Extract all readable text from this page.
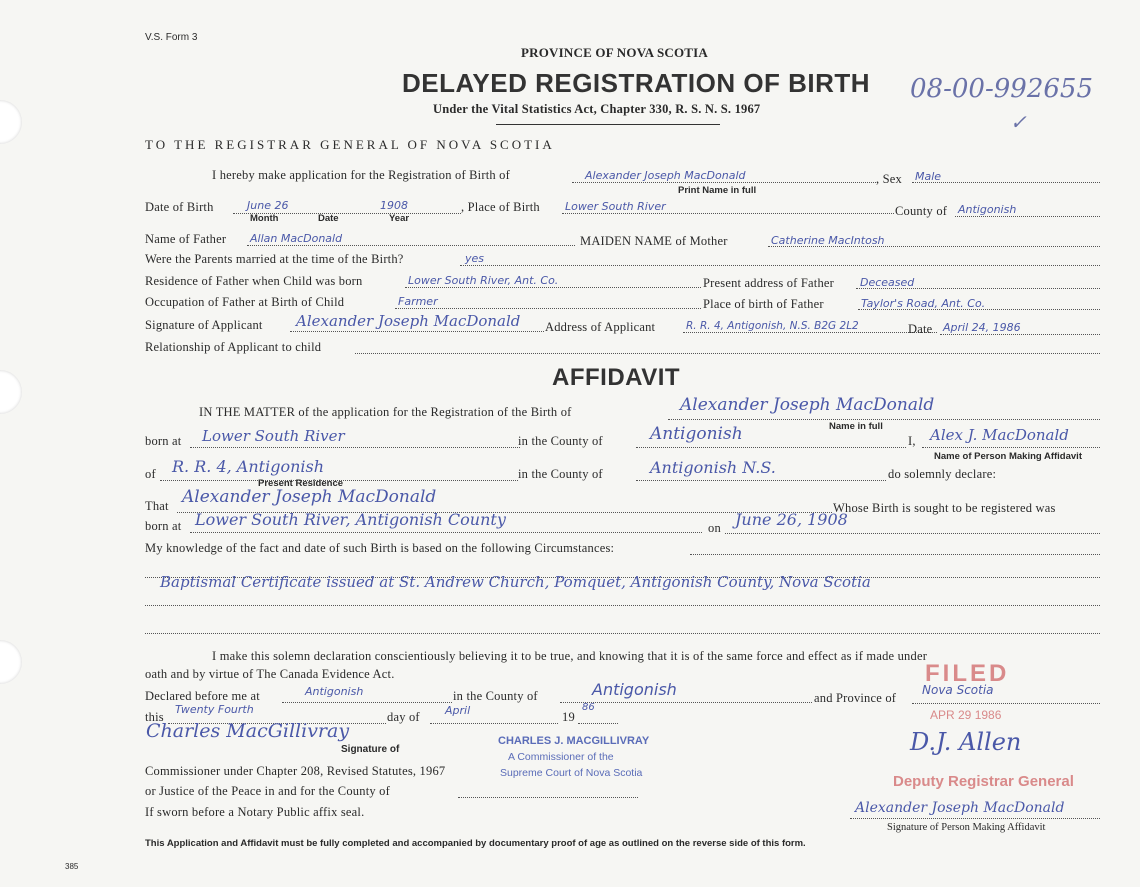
V.S. Form 3
PROVINCE OF NOVA SCOTIA
DELAYED REGISTRATION OF BIRTH 08-00-992655
✓
Under the Vital Statistics Act, Chapter 330, R. S. N. S. 1967
TO THE REGISTRAR GENERAL OF NOVA SCOTIA
I hereby make application for the Registration of Birth of	Alexander Joseph MacDonald
Print Name in full
, Sex Male
Date of Birth	June 26	1908
Month	Date	Year
, Place of Birth Lower South River	County of Antigonish
Name of Father Allan MacDonald	MAIDEN NAME of Mother	Catherine MacIntosh
Were the Parents married at the time of the Birth?	yes
Residence of Father when Child was born	Lower South River, Ant. Co.	Present address of Father Deceased
Occupation of Father at Birth of Child	Farmer	Place of birth of Father	Taylor's Road, Ant. Co.
Signature of Applicant Alexander Joseph MacDonald Address of Applicant	R. R. 4, Antigonish, N.S. B2G 2L2	Date April 24, 1986
Relationship of Applicant to child
AFFIDAVIT
IN THE MATTER of the application for the Registration of the Birth of	Alexander Joseph MacDonald
Name in full
born at Lower South River	in the County of	Antigonish	I, Alex J. MacDonald
Name of Person Making Affidavit
of R. R. 4, Antigonish
Present Residence
in the County of	Antigonish N.S.	do solemnly declare:
That Alexander Joseph MacDonald
Whose Birth is sought to be registered was
born at Lower South River, Antigonish County	on June 26, 1908
My knowledge of the fact and date of such Birth is based on the following Circumstances:
Baptismal Certificate issued at St. Andrew Church, Pomquet, Antigonish County, Nova Scotia
I make this solemn declaration conscientiously believing it to be true, and knowing that it is of the same force and effect as if made under
oath and by virtue of The Canada Evidence Act.
Declared before me at	Antigonish	in the County of	Antigonish	and Province of
Nova Scotia
this
Twenty Fourth
day of April	19
86
Charles MacGillivray
Signature of
CHARLES J. MACGILLIVRAY
A Commissioner of the
Supreme Court of Nova Scotia
Commissioner under Chapter 208, Revised Statutes, 1967
or Justice of the Peace in and for the County of
If sworn before a Notary Public affix seal.
FILED
APR 29 1986
D.J. Allen
Deputy Registrar General
Alexander Joseph MacDonald
Signature of Person Making Affidavit
This Application and Affidavit must be fully completed and accompanied by documentary proof of age as outlined on the reverse side of this form.
385
